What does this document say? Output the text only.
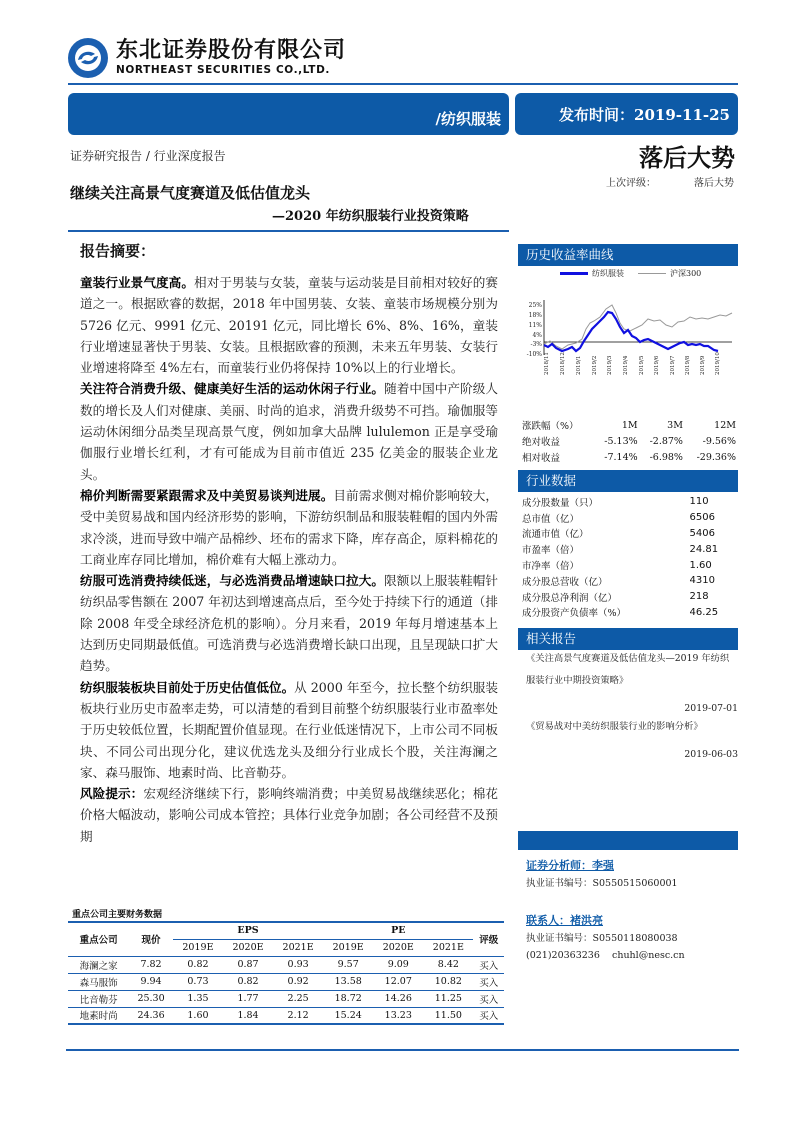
东北证券股份有限公司
NORTHEAST SECURITIES CO.,LTD.
/纺织服装	发布时间：2019-11-25
证券研究报告 / 行业深度报告	落后大势
上次评级：	落后大势
继续关注高景气度赛道及低估值龙头
—2020 年纺织服装行业投资策略
报告摘要：

童装行业景气度高。相对于男装与女装，童装与运动装是目前相对较好的赛道之一。根据欧睿的数据，2018 年中国男装、女装、童装市场规模分别为 5726 亿元、9991 亿元、20191 亿元，同比增长 6%、8%、16%，童装行业增速显著快于男装、女装。且根据欧睿的预测，未来五年男装、女装行业增速将降至 4%左右，而童装行业仍将保持 10%以上的行业增长。

关注符合消费升级、健康美好生活的运动休闲子行业。随着中国中产阶级人数的增长及人们对健康、美丽、时尚的追求，消费升级势不可挡。瑜伽服等运动休闲细分品类呈现高景气度，例如加拿大品牌 lululemon 正是享受瑜伽服行业增长红利，才有可能成为目前市值近 235 亿美金的服装企业龙头。

棉价判断需要紧跟需求及中美贸易谈判进展。目前需求侧对棉价影响较大，受中美贸易战和国内经济形势的影响，下游纺织制品和服装鞋帽的国内外需求冷淡，进而导致中端产品棉纱、坯布的需求下降，库存高企，原料棉花的工商业库存同比增加，棉价难有大幅上涨动力。

纺服可选消费持续低迷，与必选消费品增速缺口拉大。限额以上服装鞋帽针纺织品零售额在 2007 年初达到增速高点后，至今处于持续下行的通道（排除 2008 年受全球经济危机的影响）。分月来看，2019 年每月增速基本上达到历史同期最低值。可选消费与必选消费增长缺口出现，且呈现缺口扩大趋势。

纺织服装板块目前处于历史估值低位。从 2000 年至今，拉长整个纺织服装板块行业历史市盈率走势，可以清楚的看到目前整个纺织服装行业市盈率处于历史较低位置，长期配置价值显现。在行业低迷情况下，上市公司不同板块、不同公司出现分化，建议优选龙头及细分行业成长个股，关注海澜之家、森马服饰、地素时尚、比音勒芬。

风险提示：宏观经济继续下行，影响终端消费；中美贸易战继续恶化；棉花价格大幅波动，影响公司成本管控；具体行业竞争加剧；各公司经营不及预期

历史收益率曲线
纺织服装	沪深300
25%
18%
11%
4%
-3%
-10% 2018/11 2018/12 2019/1 2019/2 2019/3 2019/4 2019/5 2019/6 2019/7 2019/8 2019/9 2019/10
涨跌幅（%）	1M	3M	12M
绝对收益	-5.13%	-2.87%	-9.56%
相对收益	-7.14%	-6.98%	-29.36%
行业数据
成分股数量（只）	110
总市值（亿）	6506
流通市值（亿）	5406
市盈率（倍）	24.81
市净率（倍）	1.60
成分股总营收（亿）	4310
成分股总净利润（亿）	218
成分股资产负债率（%）	46.25
相关报告
《关注高景气度赛道及低估值龙头—2019 年纺织服装行业中期投资策略》
2019-07-01
《贸易战对中美纺织服装行业的影响分析》
2019-06-03
证券分析师：李强
执业证书编号：S0550515060001
联系人：褚洪亮
执业证书编号：S0550118080038
(021)20363236 chuhl@nesc.cn
重点公司主要财务数据
重点公司	现价	EPS			PE			评级
		2019E	2020E	2021E	2019E	2020E	2021E	
海澜之家	7.82	0.82	0.87	0.93	9.57	9.09	8.42	买入
森马服饰	9.94	0.73	0.82	0.92	13.58	12.07	10.82	买入
比音勒芬	25.30	1.35	1.77	2.25	18.72	14.26	11.25	买入
地素时尚	24.36	1.60	1.84	2.12	15.24	13.23	11.50	买入
